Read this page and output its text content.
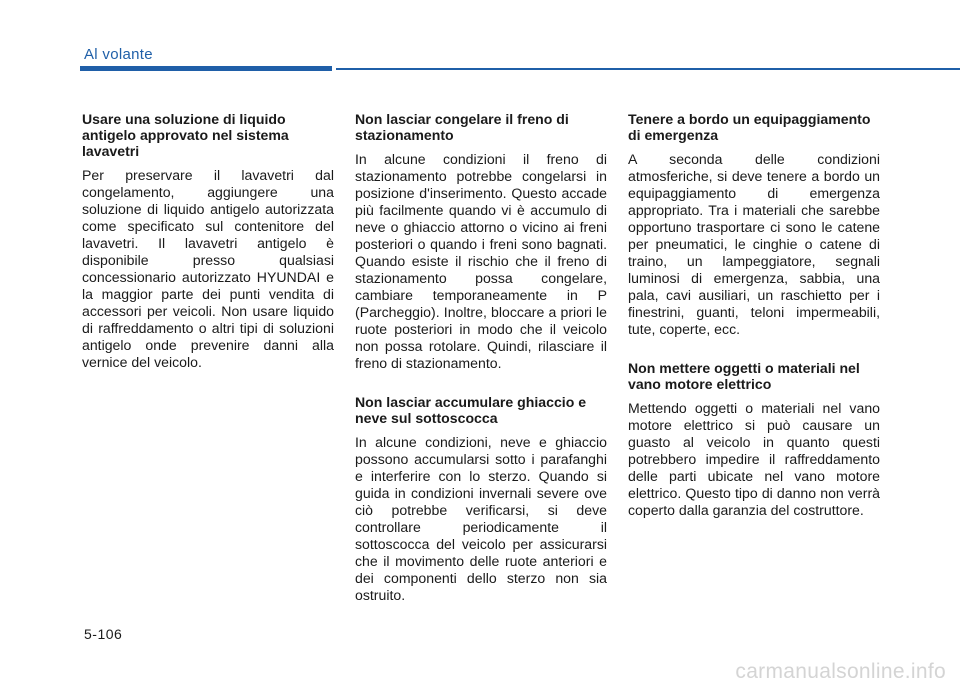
Al volante
Usare una soluzione di liquido antigelo approvato nel sistema lavavetri

Per preservare il lavavetri dal congelamento, aggiungere una soluzione di liquido antigelo autorizzata come specificato sul contenitore del lavavetri. Il lavavetri antigelo è disponibile presso qualsiasi concessionario autorizzato HYUNDAI e la maggior parte dei punti vendita di accessori per veicoli. Non usare liquido di raffreddamento o altri tipi di soluzioni antigelo onde prevenire danni alla vernice del veicolo.

Non lasciar congelare il freno di stazionamento

In alcune condizioni il freno di stazionamento potrebbe congelarsi in posizione d'inserimento. Questo accade più facilmente quando vi è accumulo di neve o ghiaccio attorno o vicino ai freni posteriori o quando i freni sono bagnati. Quando esiste il rischio che il freno di stazionamento possa congelare, cambiare temporaneamente in P (Parcheggio). Inoltre, bloccare a priori le ruote posteriori in modo che il veicolo non possa rotolare. Quindi, rilasciare il freno di stazionamento.

Non lasciar accumulare ghiaccio e neve sul sottoscocca

In alcune condizioni, neve e ghiaccio possono accumularsi sotto i parafanghi e interferire con lo sterzo. Quando si guida in condizioni invernali severe ove ciò potrebbe verificarsi, si deve controllare periodicamente il sottoscocca del veicolo per assicurarsi che il movimento delle ruote anteriori e dei componenti dello sterzo non sia ostruito.

Tenere a bordo un equipaggiamento di emergenza

A seconda delle condizioni atmosferiche, si deve tenere a bordo un equipaggiamento di emergenza appropriato. Tra i materiali che sarebbe opportuno trasportare ci sono le catene per pneumatici, le cinghie o catene di traino, un lampeggiatore, segnali luminosi di emergenza, sabbia, una pala, cavi ausiliari, un raschietto per i finestrini, guanti, teloni impermeabili, tute, coperte, ecc.

Non mettere oggetti o materiali nel vano motore elettrico

Mettendo oggetti o materiali nel vano motore elettrico si può causare un guasto al veicolo in quanto questi potrebbero impedire il raffreddamento delle parti ubicate nel vano motore elettrico. Questo tipo di danno non verrà coperto dalla garanzia del costruttore.

5-106
carmanualsonline.info
